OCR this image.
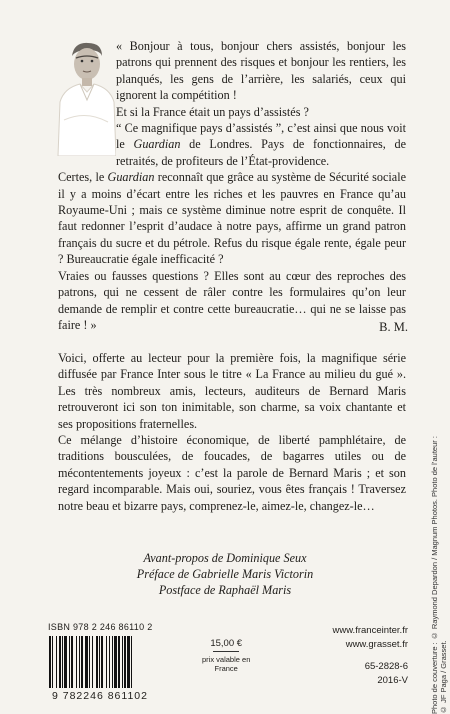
« Bonjour à tous, bonjour chers assistés, bonjour les patrons qui prennent des risques et bonjour les rentiers, les planqués, les gens de l’arrière, les salariés, ceux qui ignorent la compétition !

Et si la France était un pays d’assistés ?

“ Ce magnifique pays d’assistés ”, c’est ainsi que nous voit le Guardian de Londres. Pays de fonctionnaires, de retraités, de profiteurs de l’État-providence.

Certes, le Guardian reconnaît que grâce au système de Sécurité sociale il y a moins d’écart entre les riches et les pauvres en France qu’au Royaume-Uni ; mais ce système diminue notre esprit de conquête. Il faut redonner l’esprit d’audace à notre pays, affirme un grand patron français du sucre et du pétrole. Refus du risque égale rente, égale peur ? Bureaucratie égale inefficacité ?

Vraies ou fausses questions ? Elles sont au cœur des reproches des patrons, qui ne cessent de râler contre les formulaires qu’on leur demande de remplir et contre cette bureaucratie… qui ne se laisse pas faire ! »	B. M.
Voici, offerte au lecteur pour la première fois, la magnifique série diffusée par France Inter sous le titre « La France au milieu du gué ». Les très nombreux amis, lecteurs, auditeurs de Bernard Maris retrouveront ici son ton inimitable, son charme, sa voix chantante et ses propositions fraternelles.
Ce mélange d’histoire économique, de liberté pamphlétaire, de traditions bousculées, de foucades, de bagarres utiles ou de mécontentements joyeux : c’est la parole de Bernard Maris ; et son regard incomparable. Mais oui, souriez, vous êtes français ! Traversez notre beau et bizarre pays, comprenez-le, aimez-le, changez-le…
Avant-propos de Dominique Seux
Préface de Gabrielle Maris Victorin
Postface de Raphaël Maris	Photo de couverture : © Raymond Depardon / Magnum Photos. Photo de l’auteur : © JF Paga / Grasset.
ISBN 978 2 246 86110 2
9 782246 861102
15,00 €
prix valable en
France
www.franceinter.fr
www.grasset.fr
65-2828-6
2016-V
